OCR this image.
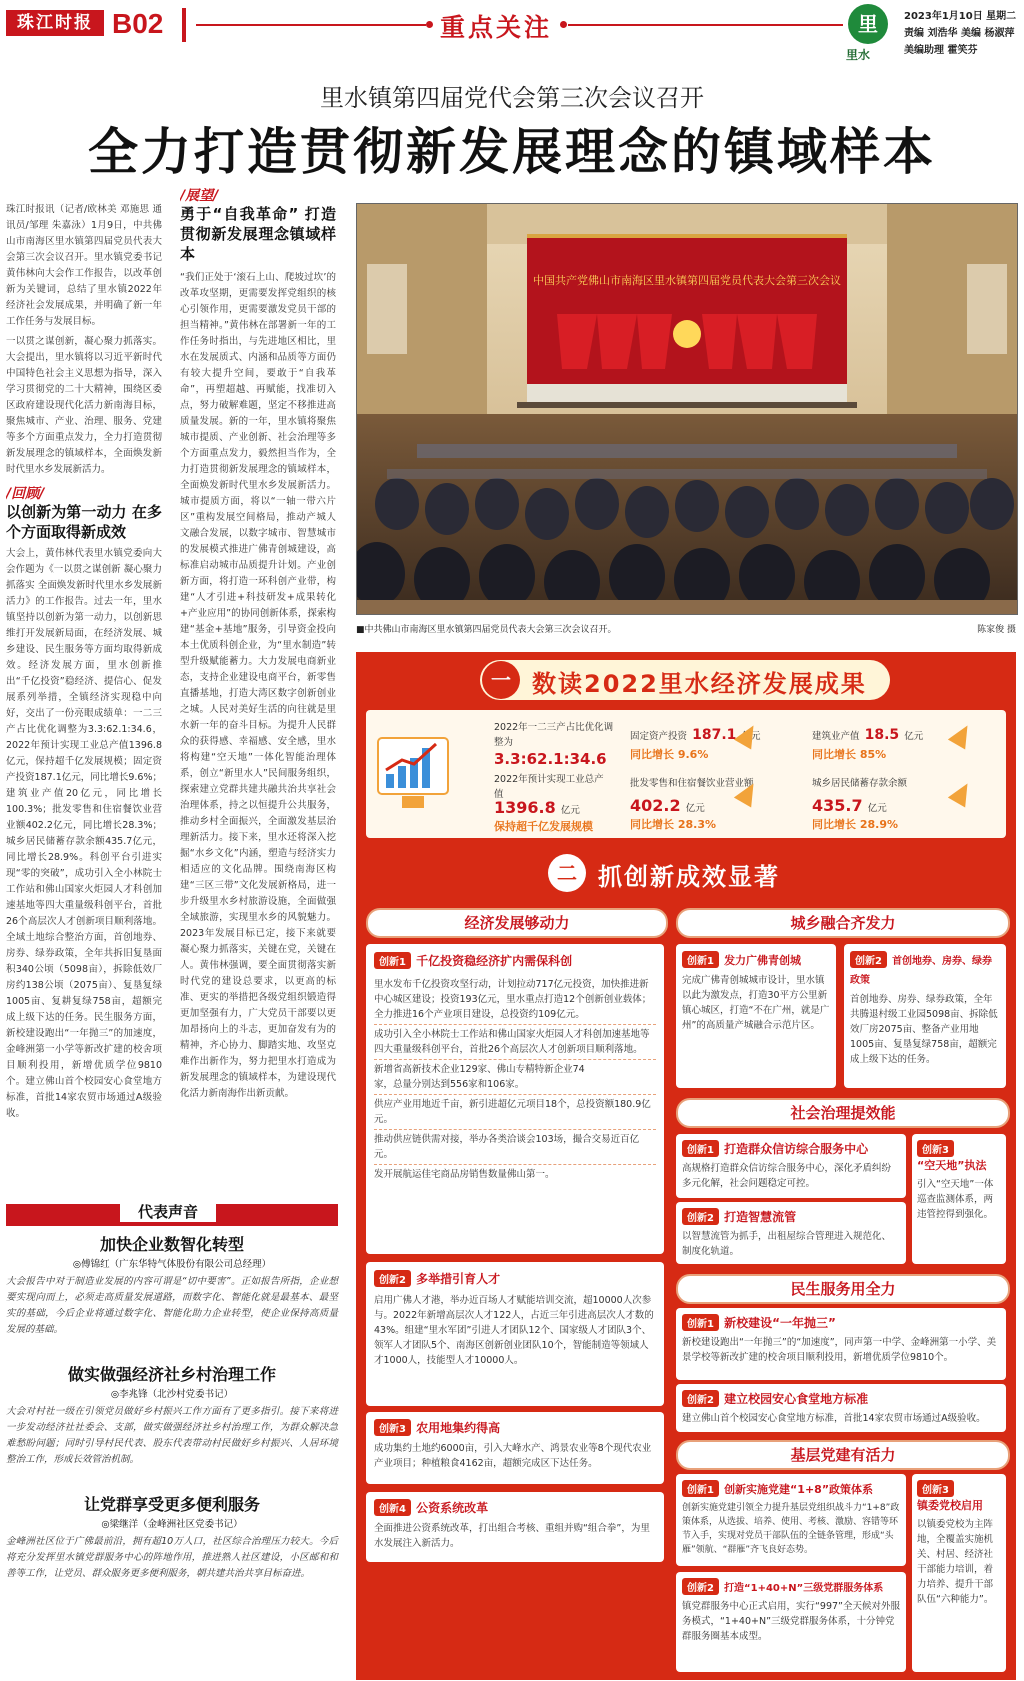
珠江时报 B02	重点关注	里
里水
2023年1月10日 星期二
责编 刘浩华 美编 杨淑萍
美编助理 霍笑芬
里水镇第四届党代会第三次会议召开
全力打造贯彻新发展理念的镇域样本
珠江时报讯（记者/欧林美 邓施思 通讯员/邹理 朱嘉泳）1月9日，中共佛山市南海区里水镇第四届党员代表大会第三次会议召开。里水镇党委书记黄伟林向大会作工作报告，以改革创新为关键词，总结了里水镇2022年经济社会发展成果，并明确了新一年工作任务与发展目标。
一以贯之谋创新，凝心聚力抓落实。大会提出，里水镇将以习近平新时代中国特色社会主义思想为指导，深入学习贯彻党的二十大精神，围绕区委区政府建设现代化活力新南海目标，聚焦城市、产业、治理、服务、党建等多个方面重点发力，全力打造贯彻新发展理念的镇域样本，全面焕发新时代里水乡发展新活力。
/回顾/
以创新为第一动力 在多个方面取得新成效
大会上，黄伟林代表里水镇党委向大会作题为《一以贯之谋创新 凝心聚力抓落实 全面焕发新时代里水乡发展新活力》的工作报告。过去一年，里水镇坚持以创新为第一动力，以创新思维打开发展新局面，在经济发展、城乡建设、民生服务等方面均取得新成效。经济发展方面，里水创新推出“千亿投资”稳经济、提信心、促发展系列举措，全镇经济实现稳中向好，交出了一份亮眼成绩单：一二三产占比优化调整为3.3:62.1:34.6，2022年预计实现工业总产值1396.8亿元，保持超千亿发展规模；固定资产投资187.1亿元，同比增长9.6%；建筑业产值20亿元，同比增长100.3%；批发零售和住宿餐饮业营业额402.2亿元，同比增长28.3%；城乡居民储蓄存款余额435.7亿元，同比增长28.9%。科创平台引进实现“零的突破”，成功引入全小林院士工作站和佛山国家火炬园人才科创加速基地等四大重量级科创平台，首批26个高层次人才创新项目顺利落地。全域土地综合整治方面，首创地券、房券、绿券政策，全年共拆旧复垦面积340公顷（5098亩），拆除低效厂房约138公顷（2075亩）、复垦复绿1005亩、复耕复绿758亩，超额完成上级下达的任务。民生服务方面，新校建设跑出“一年抛三”的加速度，金峰洲第一小学等新改扩建的校舍项目顺利投用，新增优质学位9810个。建立佛山首个校园安心食堂地方标准，首批14家农贸市场通过A级验收。
/展望/
勇于“自我革命” 打造贯彻新发展理念镇域样本
“我们正处于‘滚石上山、爬坡过坎’的改革攻坚期，更需要发挥党组织的核心引领作用，更需要激发党员干部的担当精神。”黄伟林在部署新一年的工作任务时指出，与先进地区相比，里水在发展质式、内涵和品质等方面仍有较大提升空间，要敢于“自我革命”，再塑超越、再赋能，找准切入点，努力破解难题，坚定不移推进高质量发展。新的一年，里水镇将聚焦城市提质、产业创新、社会治理等多个方面重点发力，毅然担当作为，全力打造贯彻新发展理念的镇域样本，全面焕发新时代里水乡发展新活力。城市提质方面，将以“一轴一带六片区”重构发展空间格局，推动产城人文融合发展，以数字城市、智慧城市的发展模式推进广佛青创城建设，高标准启动城市品质提升计划。产业创新方面，将打造一环科创产业带，构建“人才引进+科技研发+成果转化+产业应用”的协同创新体系，探索构建“基金+基地”服务，引导资金投向本土优质科创企业，为“里水制造”转型升级赋能蓄力。大力发展电商新业态，支持企业建设电商平台，新零售直播基地，打造大湾区数字创新创业之城。人民对美好生活的向往就是里水新一年的奋斗目标。为提升人民群众的获得感、幸福感、安全感，里水将构建“空天地”一体化智能治理体系，创立“新里水人”民间服务组织，探索建立党群共建共融共治共享社会治理体系，持之以恒提升公共服务，推动乡村全面振兴，全面激发基层治理新活力。接下来，里水还将深入挖掘“水乡文化”内涵，塑造与经济实力相适应的文化品牌。围绕南海区构建“三区三带”文化发展新格局，进一步升级里水乡村旅游设施，全面做强全域旅游，实现里水乡的风貌魅力。2023年发展目标已定，接下来就要凝心聚力抓落实，关键在党，关键在人。黄伟林强调，要全面贯彻落实新时代党的建设总要求，以更高的标准、更实的举措把各级党组织锻造得更加坚强有力，广大党员干部要以更加昂扬向上的斗志，更加奋发有为的精神，齐心协力、脚踏实地、攻坚克难作出新作为，努力把里水打造成为新发展理念的镇域样本，为建设现代化活力新南海作出新贡献。
中国共产党佛山市南海区里水镇第四届党员代表大会第三次会议
■中共佛山市南海区里水镇第四届党员代表大会第三次会议召开。	陈家俊 摄
一 数读2022里水经济发展成果
2022年一二三产占比优化调整为
3.3:62.1:34.6
2022年预计实现工业总产值
1396.8 亿元
保持超千亿发展规模
固定资产投资 187.1 亿元
同比增长 9.6%
批发零售和住宿餐饮业营业额
402.2 亿元
同比增长 28.3%
建筑业产值 18.5 亿元
同比增长 85%
城乡居民储蓄存款余额
435.7 亿元
同比增长 28.9%
二 抓创新成效显著
经济发展够动力
创新1 千亿投资稳经济扩内需保科创
里水发布千亿投资攻坚行动，计划拉动717亿元投资，加快推进新中心城区建设；投资193亿元，里水重点打造12个创新创业载体；全力推进16个产业项目建设，总投资约109亿元。
成功引入全小林院士工作站和佛山国家火炬园人才科创加速基地等四大重量级科创平台，首批26个高层次人才创新项目顺利落地。
新增省高新技术企业129家、佛山专精特新企业74家，总量分别达到556家和106家。
供应产业用地近千亩，新引进超亿元项目18个，总投资额180.9亿元。
推动供应链供需对接，举办各类洽谈会103场，撮合交易近百亿元。
发开展航运佳宅商品房销售数量佛山第一。
创新2 多举措引育人才
启用广佛人才港，举办近百场人才赋能培训交流，超10000人次参与。2022年新增高层次人才122人，占近三年引进高层次人才数的43%。组建“里水军团”引进人才团队12个、国家级人才团队3个、领军人才团队5个、南海区创新创业团队10个，智能制造等领域人才1000人，技能型人才10000人。
创新3 农用地集约得高
成功集约土地约6000亩，引入大峰水产、鸿景农业等8个现代农业产业项目；种植粮食4162亩，超额完成区下达任务。
创新4 公资系统改革
全面推进公资系统改革，打出组合考核、重组并购“组合拳”，为里水发展注入新活力。
城乡融合齐发力
创新1 发力广佛青创城
完成广佛青创城城市设计，里水镇以此为激发点，打造30平方公里新镇心城区，打造“不在广州，就是广州”的高质量产城融合示范片区。
创新2 首创地券、房券、绿券政策
首创地券、房券、绿券政策，全年共腾退村级工业园5098亩、拆除低效厂房2075亩、整备产业用地1005亩、复垦复绿758亩，超额完成上级下达的任务。
社会治理提效能
创新1 打造群众信访综合服务中心
高规格打造群众信访综合服务中心，深化矛盾纠纷多元化解，社会问题稳定可控。
创新2 打造智慧流管
以智慧流管为抓手，出租屋综合管理进入规范化、制度化轨道。
创新3
“空天地”执法
引入“空天地”一体巡查监测体系，两违管控得到强化。
民生服务用全力
创新1 新校建设“一年抛三”
新校建设跑出“一年抛三”的“加速度”，同声第一中学、金峰洲第一小学、美景学校等新改扩建的校舍项目顺利投用，新增优质学位9810个。
创新2 建立校园安心食堂地方标准
建立佛山首个校园安心食堂地方标准，首批14家农贸市场通过A级验收。
基层党建有活力
创新1 创新实施党建“1+8”政策体系
创新实施党建引领全力提升基层党组织战斗力“1+8”政策体系，从选拔、培养、使用、考核、激励、容错等环节入手，实现对党员干部队伍的全链条管理，形成“头雁”领航、“群雁”齐飞良好态势。
创新2 打造“1+40+N”三级党群服务体系
镇党群服务中心正式启用，实行“997”全天候对外服务模式，“1+40+N”三级党群服务体系，十分钟党群服务圈基本成型。
创新3
镇委党校启用
以镇委党校为主阵地，全覆盖实施机关、村居、经济社干部能力培训，着力培养、提升干部队伍“六种能力”。
代表声音
加快企业数智化转型
◎傅锦红（广东华特气体股份有限公司总经理）
大会报告中对于制造业发展的内容可谓是“切中要害”。正如报告所指，企业想要实现向而上，必须走高质量发展道路，而数字化、智能化就是最基本、最坚实的基础，今后企业将通过数字化、智能化助力企业转型，使企业保持高质量发展的基础。
做实做强经济社乡村治理工作
◎李兆锋（北沙村党委书记）
大会对村社一级在引领党员做好乡村振兴工作方面有了更多指引。接下来将进一步发动经济社社委会、支部，做实做强经济社乡村治理工作，为群众解决急难愁盼问题；同时引导村民代表、股东代表带动村民做好乡村振兴、人居环境整治工作，形成长效管治机制。
让党群享受更多便利服务
◎梁继洋（金峰洲社区党委书记）
金峰洲社区位于广佛最前沿，拥有超10万人口，社区综合治理压力较大。今后将充分发挥里水镇党群服务中心的阵地作用，推进熟人社区建设，小区邮和和善等工作，让党员、群众服务更多便利服务，朝共建共治共享目标奋进。
